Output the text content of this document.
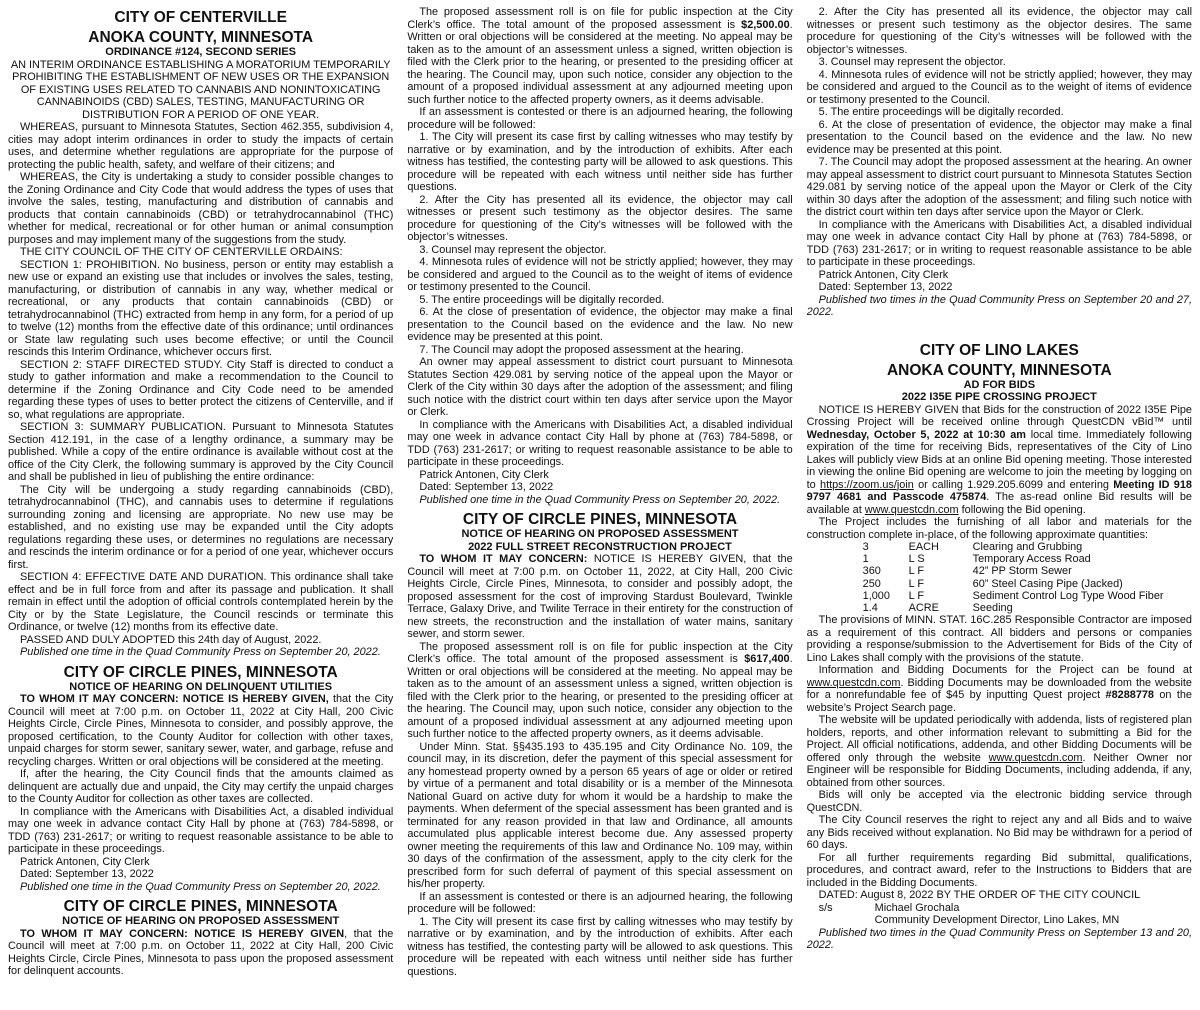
CITY OF CENTERVILLE
ANOKA COUNTY, MINNESOTA
ORDINANCE #124, SECOND SERIES
AN INTERIM ORDINANCE ESTABLISHING A MORATORIUM TEMPORARILY PROHIBITING THE ESTABLISHMENT OF NEW USES OR THE EXPANSION OF EXISTING USES RELATED TO CANNABIS AND NONINTOXICATING CANNABINOIDS (CBD) SALES, TESTING, MANUFACTURING OR DISTRIBUTION FOR A PERIOD OF ONE YEAR.

WHEREAS, pursuant to Minnesota Statutes, Section 462.355, subdivision 4, cities may adopt interim ordinances in order to study the impacts of certain uses, and determine whether regulations are appropriate for the purpose of protecting the public health, safety, and welfare of their citizens; and

WHEREAS, the City is undertaking a study to consider possible changes to the Zoning Ordinance and City Code that would address the types of uses that involve the sales, testing, manufacturing and distribution of cannabis and products that contain cannabinoids (CBD) or tetrahydrocannabinol (THC) whether for medical, recreational or for other human or animal consumption purposes and may implement many of the suggestions from the study.

THE CITY COUNCIL OF THE CITY OF CENTERVILLE ORDAINS:

SECTION 1: PROHIBITION. No business, person or entity may establish a new use or expand an existing use that includes or involves the sales, testing, manufacturing, or distribution of cannabis in any way, whether medical or recreational, or any products that contain cannabinoids (CBD) or tetrahydrocannabinol (THC) extracted from hemp in any form, for a period of up to twelve (12) months from the effective date of this ordinance; until ordinances or State law regulating such uses become effective; or until the Council rescinds this Interim Ordinance, whichever occurs first.

SECTION 2: STAFF DIRECTED STUDY. City Staff is directed to conduct a study to gather information and make a recommendation to the Council to determine if the Zoning Ordinance and City Code need to be amended regarding these types of uses to better protect the citizens of Centerville, and if so, what regulations are appropriate.

SECTION 3: SUMMARY PUBLICATION. Pursuant to Minnesota Statutes Section 412.191, in the case of a lengthy ordinance, a summary may be published. While a copy of the entire ordinance is available without cost at the office of the City Clerk, the following summary is approved by the City Council and shall be published in lieu of publishing the entire ordinance:

The City will be undergoing a study regarding cannabinoids (CBD), tetrahydrocannabinol (THC), and cannabis uses to determine if regulations surrounding zoning and licensing are appropriate. No new use may be established, and no existing use may be expanded until the City adopts regulations regarding these uses, or determines no regulations are necessary and rescinds the interim ordinance or for a period of one year, whichever occurs first.

SECTION 4: EFFECTIVE DATE AND DURATION. This ordinance shall take effect and be in full force from and after its passage and publication. It shall remain in effect until the adoption of official controls contemplated herein by the City or by the State Legislature, the Council rescinds or terminate this Ordinance, or twelve (12) months from its effective date.

PASSED AND DULY ADOPTED this 24th day of August, 2022.

Published one time in the Quad Community Press on September 20, 2022.

CITY OF CIRCLE PINES, MINNESOTA
NOTICE OF HEARING ON DELINQUENT UTILITIES

TO WHOM IT MAY CONCERN: NOTICE IS HEREBY GIVEN, that the City Council will meet at 7:00 p.m. on October 11, 2022 at City Hall, 200 Civic Heights Circle, Circle Pines, Minnesota to consider, and possibly approve, the proposed certification, to the County Auditor for collection with other taxes, unpaid charges for storm sewer, sanitary sewer, water, and garbage, refuse and recycling charges. Written or oral objections will be considered at the meeting.

If, after the hearing, the City Council finds that the amounts claimed as delinquent are actually due and unpaid, the City may certify the unpaid charges to the County Auditor for collection as other taxes are collected.

In compliance with the Americans with Disabilities Act, a disabled individual may one week in advance contact City Hall by phone at (763) 784-5898, or TDD (763) 231-2617; or writing to request reasonable assistance to be able to participate in these proceedings.

Patrick Antonen, City Clerk

Dated: September 13, 2022

Published one time in the Quad Community Press on September 20, 2022.

CITY OF CIRCLE PINES, MINNESOTA
NOTICE OF HEARING ON PROPOSED ASSESSMENT

TO WHOM IT MAY CONCERN: NOTICE IS HEREBY GIVEN, that the Council will meet at 7:00 p.m. on October 11, 2022 at City Hall, 200 Civic Heights Circle, Circle Pines, Minnesota to pass upon the proposed assessment for delinquent accounts.

The proposed assessment roll is on file for public inspection at the City Clerk’s office. The total amount of the proposed assessment is $2,500.00. Written or oral objections will be considered at the meeting. No appeal may be taken as to the amount of an assessment unless a signed, written objection is filed with the Clerk prior to the hearing, or presented to the presiding officer at the hearing. The Council may, upon such notice, consider any objection to the amount of a proposed individual assessment at any adjourned meeting upon such further notice to the affected property owners, as it deems advisable.

If an assessment is contested or there is an adjourned hearing, the following procedure will be followed:

1. The City will present its case first by calling witnesses who may testify by narrative or by examination, and by the introduction of exhibits. After each witness has testified, the contesting party will be allowed to ask questions. This procedure will be repeated with each witness until neither side has further questions.

2. After the City has presented all its evidence, the objector may call witnesses or present such testimony as the objector desires. The same procedure for questioning of the City’s witnesses will be followed with the objector’s witnesses.

3. Counsel may represent the objector.

4. Minnesota rules of evidence will not be strictly applied; however, they may be considered and argued to the Council as to the weight of items of evidence or testimony presented to the Council.

5. The entire proceedings will be digitally recorded.

6. At the close of presentation of evidence, the objector may make a final presentation to the Council based on the evidence and the law. No new evidence may be presented at this point.

7. The Council may adopt the proposed assessment at the hearing.

An owner may appeal assessment to district court pursuant to Minnesota Statutes Section 429.081 by serving notice of the appeal upon the Mayor or Clerk of the City within 30 days after the adoption of the assessment; and filing such notice with the district court within ten days after service upon the Mayor or Clerk.

In compliance with the Americans with Disabilities Act, a disabled individual may one week in advance contact City Hall by phone at (763) 784-5898, or TDD (763) 231-2617; or writing to request reasonable assistance to be able to participate in these proceedings.

Patrick Antonen, City Clerk

Dated: September 13, 2022

Published one time in the Quad Community Press on September 20, 2022.

CITY OF CIRCLE PINES, MINNESOTA
NOTICE OF HEARING ON PROPOSED ASSESSMENT
2022 FULL STREET RECONSTRUCTION PROJECT

TO WHOM IT MAY CONCERN: NOTICE IS HEREBY GIVEN, that the Council will meet at 7:00 p.m. on October 11, 2022, at City Hall, 200 Civic Heights Circle, Circle Pines, Minnesota, to consider and possibly adopt, the proposed assessment for the cost of improving Stardust Boulevard, Twinkle Terrace, Galaxy Drive, and Twilite Terrace in their entirety for the construction of new streets, the reconstruction and the installation of water mains, sanitary sewer, and storm sewer.

The proposed assessment roll is on file for public inspection at the City Clerk’s office. The total amount of the proposed assessment is $617,400. Written or oral objections will be considered at the meeting. No appeal may be taken as to the amount of an assessment unless a signed, written objection is filed with the Clerk prior to the hearing, or presented to the presiding officer at the hearing. The Council may, upon such notice, consider any objection to the amount of a proposed individual assessment at any adjourned meeting upon such further notice to the affected property owners, as it deems advisable.

Under Minn. Stat. §§435.193 to 435.195 and City Ordinance No. 109, the council may, in its discretion, defer the payment of this special assessment for any homestead property owned by a person 65 years of age or older or retired by virtue of a permanent and total disability or is a member of the Minnesota National Guard on active duty for whom it would be a hardship to make the payments. When deferment of the special assessment has been granted and is terminated for any reason provided in that law and Ordinance, all amounts accumulated plus applicable interest become due. Any assessed property owner meeting the requirements of this law and Ordinance No. 109 may, within 30 days of the confirmation of the assessment, apply to the city clerk for the prescribed form for such deferral of payment of this special assessment on his/her property.

If an assessment is contested or there is an adjourned hearing, the following procedure will be followed:

1. The City will present its case first by calling witnesses who may testify by narrative or by examination, and by the introduction of exhibits. After each witness has testified, the contesting party will be allowed to ask questions. This procedure will be repeated with each witness until neither side has further questions.

2. After the City has presented all its evidence, the objector may call witnesses or present such testimony as the objector desires. The same procedure for questioning of the City’s witnesses will be followed with the objector’s witnesses.

3. Counsel may represent the objector.

4. Minnesota rules of evidence will not be strictly applied; however, they may be considered and argued to the Council as to the weight of items of evidence or testimony presented to the Council.

5. The entire proceedings will be digitally recorded.

6. At the close of presentation of evidence, the objector may make a final presentation to the Council based on the evidence and the law. No new evidence may be presented at this point.

7. The Council may adopt the proposed assessment at the hearing. An owner may appeal assessment to district court pursuant to Minnesota Statutes Section 429.081 by serving notice of the appeal upon the Mayor or Clerk of the City within 30 days after the adoption of the assessment; and filing such notice with the district court within ten days after service upon the Mayor or Clerk.

In compliance with the Americans with Disabilities Act, a disabled individual may one week in advance contact City Hall by phone at (763) 784-5898, or TDD (763) 231-2617; or in writing to request reasonable assistance to be able to participate in these proceedings.

Patrick Antonen, City Clerk

Dated: September 13, 2022

Published two times in the Quad Community Press on September 20 and 27, 2022.

CITY OF LINO LAKES
ANOKA COUNTY, MINNESOTA
AD FOR BIDS
2022 I35E PIPE CROSSING PROJECT

NOTICE IS HEREBY GIVEN that Bids for the construction of 2022 I35E Pipe Crossing Project will be received online through QuestCDN vBid™ until Wednesday, October 5, 2022 at 10:30 am local time. Immediately following expiration of the time for receiving Bids, representatives of the City of Lino Lakes will publicly view Bids at an online Bid opening meeting. Those interested in viewing the online Bid opening are welcome to join the meeting by logging on to https://zoom.us/join or calling 1.929.205.6099 and entering Meeting ID 918 9797 4681 and Passcode 475874. The as-read online Bid results will be available at www.questcdn.com following the Bid opening.

The Project includes the furnishing of all labor and materials for the construction complete in-place, of the following approximate quantities:

3	EACH	Clearing and Grubbing
1	L S	Temporary Access Road
360	L F	42” PP Storm Sewer
250	L F	60” Steel Casing Pipe (Jacked)
1,000	L F	Sediment Control Log Type Wood Fiber
1.4	ACRE	Seeding

The provisions of MINN. STAT. 16C.285 Responsible Contractor are imposed as a requirement of this contract. All bidders and persons or companies providing a response/submission to the Advertisement for Bids of the City of Lino Lakes shall comply with the provisions of the statute.

Information and Bidding Documents for the Project can be found at www.questcdn.com. Bidding Documents may be downloaded from the website for a nonrefundable fee of $45 by inputting Quest project #8288778 on the website’s Project Search page.

The website will be updated periodically with addenda, lists of registered plan holders, reports, and other information relevant to submitting a Bid for the Project. All official notifications, addenda, and other Bidding Documents will be offered only through the website www.questcdn.com. Neither Owner nor Engineer will be responsible for Bidding Documents, including addenda, if any, obtained from other sources.

Bids will only be accepted via the electronic bidding service through QuestCDN.

The City Council reserves the right to reject any and all Bids and to waive any Bids received without explanation. No Bid may be withdrawn for a period of 60 days.

For all further requirements regarding Bid submittal, qualifications, procedures, and contract award, refer to the Instructions to Bidders that are included in the Bidding Documents.

DATED: August 8, 2022 BY THE ORDER OF THE CITY COUNCIL

s/s	Michael Grochala
Community Development Director, Lino Lakes, MN

Published two times in the Quad Community Press on September 13 and 20, 2022.
